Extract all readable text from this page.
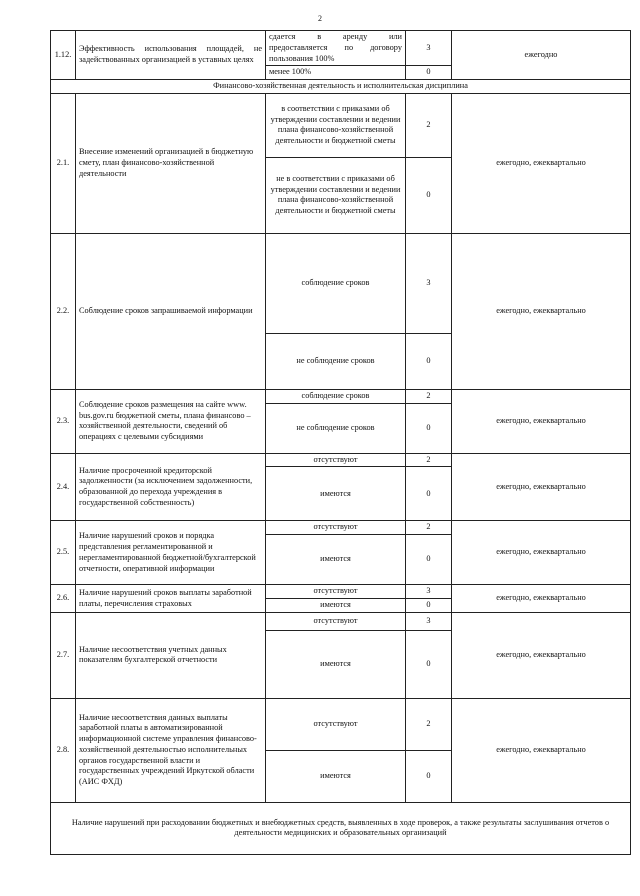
2
1.12.	Эффективность использования площадей, не задействованных организацией в уставных целях	сдается в аренду или предоставляется по договору пользования 100%	3	ежегодно
		менее 100%	0	
Финансово-хозяйственная деятельность и исполнительская дисциплина				
2.1.	Внесение изменений организацией в бюджетную смету, план финансово-хозяйственной деятельности	в соответствии с приказами об утверждении составлении и ведении плана финансово-хозяйственной деятельности и бюджетной сметы	2	ежегодно, ежеквартально
		не в соответствии с приказами об утверждении составлении и ведении плана финансово-хозяйственной деятельности и бюджетной сметы	0	
2.2.	Соблюдение сроков запрашиваемой информации	соблюдение сроков	3	ежегодно, ежеквартально
		не соблюдение сроков	0	
2.3.	Соблюдение сроков размещения на сайте www. bus.gov.ru бюджетной сметы, плана финансово – хозяйственной деятельности, сведений об операциях с целевыми субсидиями	соблюдение сроков	2	ежегодно, ежеквартально
		не соблюдение сроков	0	
2.4.	Наличие просроченной кредиторской задолженности (за исключением задолженности, образованной до перехода учреждения в государственной собственность)	отсутствуют	2	ежегодно, ежеквартально
		имеются	0	
2.5.	Наличие нарушений сроков и порядка представления регламентированной и нерегламентированной бюджетной/бухгалтерской отчетности, оперативной информации	отсутствуют	2	ежегодно, ежеквартально
		имеются	0	
2.6.	Наличие нарушений сроков выплаты заработной платы, перечисления страховых	отсутствуют	3	ежегодно, ежеквартально
		имеются	0	
2.7.	Наличие несоответствия учетных данных показателям бухгалтерской отчетности	отсутствуют	3	ежегодно, ежеквартально
		имеются	0	
2.8.	Наличие несоответствия данных выплаты заработной платы в автоматизированной информационной системе управления финансово-хозяйственной деятельностью исполнительных органов государственной власти и государственных учреждений Иркутской области (АИС ФХД)	отсутствуют	2	ежегодно, ежеквартально
		имеются	0	
Наличие нарушений при расходовании бюджетных и внебюджетных средств, выявленных в ходе проверок, а также результаты заслушивания отчетов о деятельности медицинских и образовательных организаций				
